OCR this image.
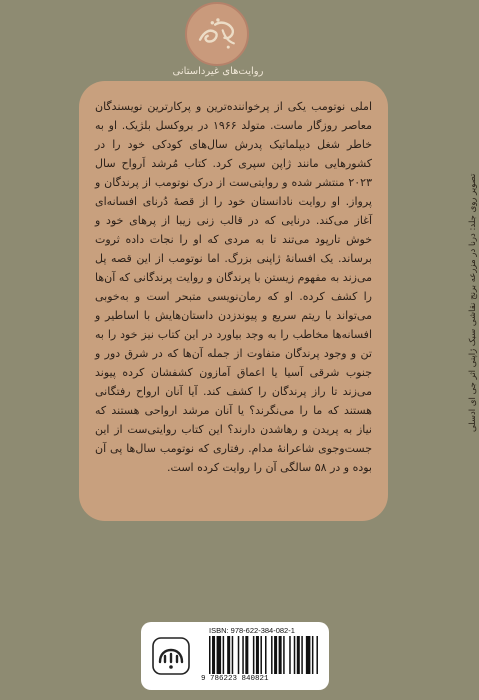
روایت‌های غیرداستانی

املی نوتومب یکی از پرخواننده‌ترین و پرکارترین نویسندگان معاصر روزگار ماست. متولد ۱۹۶۶ در بروکسل بلژیک. او به خاطر شغل دیپلماتیک پدرش سال‌های کودکی خود را در کشورهایی مانند ژاپن سپری کرد. کتاب مُرشد اَرواح سال ۲۰۲۳ منتشر شده و روایتی‌ست از درک نوتومب از پرندگان و پرواز. او روایت نادانستان خود را از قصهٔ دُرنای افسانه‌ای آغاز می‌کند. درنایی که در قالب زنی زیبا از پرهای خود و خوش تارپود می‌تند تا به مردی که او را نجات داده ثروت برساند. یک افسانهٔ ژاپنی بزرگ. اما نوتومب از این قصه پل می‌زند به مفهوم زیستن با پرندگان و روایت پرندگانی که آن‌ها را کشف کرده. او که رمان‌نویسی متبحر است و به‌خوبی می‌تواند با ریتم سریع و پیوندزدن داستان‌هایش با اساطیر و افسانه‌ها مخاطب را به وجد بیاورد در این کتاب نیز خود را به تن و وجود پرندگان متفاوت از جمله آن‌ها که در شرق دور و جنوب شرقی آسیا یا اعماق آمازون کشفشان کرده پیوند می‌زند تا راز پرندگان را کشف کند. آیا آنان ارواح رفتگانی هستند که ما را می‌نگرند؟ یا آنان مرشد ارواحی هستند که نیاز به پریدن و رهاشدن دارند؟ این کتاب روایتی‌ست از این جست‌وجوی شاعرانهٔ مدام. رفتاری که نوتومب سال‌ها پی آن بوده و در ۵۸ سالگی آن را روایت کرده است.

تصویر روی جلد: درنا در مزرعه برنج نقاشی سبک ژاپنی اثر جی ای ادسلی
ISBN: 978-622-384-082-1
9 786223 840821
